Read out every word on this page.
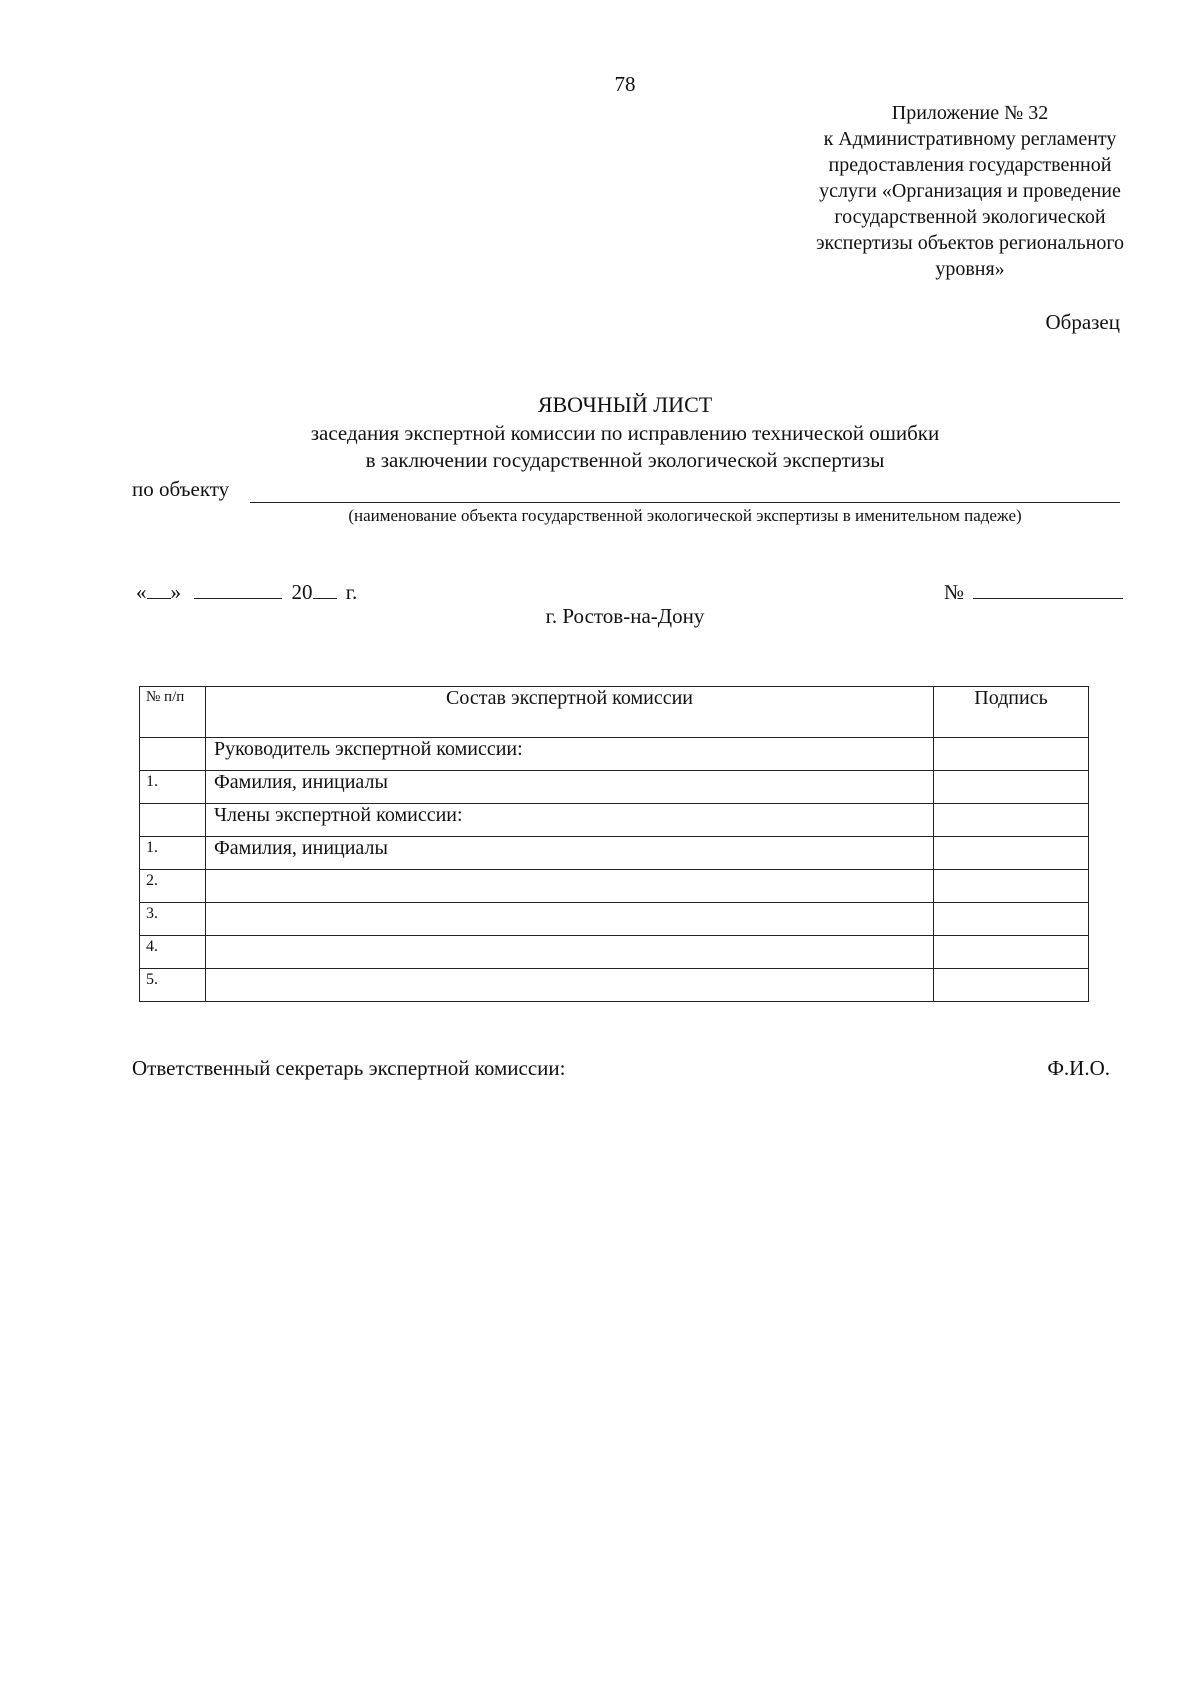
78
Приложение № 32
к Административному регламенту
предоставления государственной
услуги «Организация и проведение
государственной экологической
экспертизы объектов регионального
уровня»
Образец
ЯВОЧНЫЙ ЛИСТ
заседания экспертной комиссии по исправлению технической ошибки
в заключении государственной экологической экспертизы
по объекту
(наименование объекта государственной экологической экспертизы в именительном падеже)
« »	20 г.	№
г. Ростов-на-Дону
№ п/п	Состав экспертной комиссии	Подпись
	Руководитель экспертной комиссии:	
1.	Фамилия, инициалы	
	Члены экспертной комиссии:	
1.	Фамилия, инициалы	
2.		
3.		
4.		
5.		
Ответственный секретарь экспертной комиссии:	Ф.И.О.
